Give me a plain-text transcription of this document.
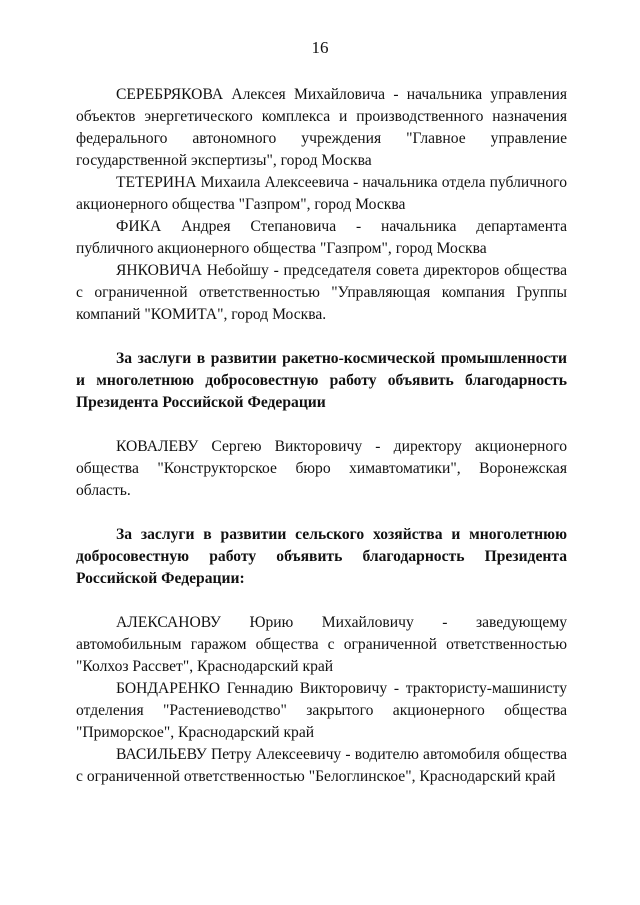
16

СЕРЕБРЯКОВА Алексея Михайловича - начальника управления объектов энергетического комплекса и производственного назначения федерального автономного учреждения "Главное управление государственной экспертизы", город Москва

ТЕТЕРИНА Михаила Алексеевича - начальника отдела публичного акционерного общества "Газпром", город Москва

ФИКА Андрея Степановича - начальника департамента публичного акционерного общества "Газпром", город Москва

ЯНКОВИЧА Небойшу - председателя совета директоров общества с ограниченной ответственностью "Управляющая компания Группы компаний "КОМИТА", город Москва.

За заслуги в развитии ракетно-космической промышленности и многолетнюю добросовестную работу объявить благодарность Президента Российской Федерации

КОВАЛЕВУ Сергею Викторовичу - директору акционерного общества "Конструкторское бюро химавтоматики", Воронежская область.

За заслуги в развитии сельского хозяйства и многолетнюю добросовестную работу объявить благодарность Президента Российской Федерации:

АЛЕКСАНОВУ Юрию Михайловичу - заведующему автомобильным гаражом общества с ограниченной ответственностью "Колхоз Рассвет", Краснодарский край

БОНДАРЕНКО Геннадию Викторовичу - трактористу-машинисту отделения "Растениеводство" закрытого акционерного общества "Приморское", Краснодарский край

ВАСИЛЬЕВУ Петру Алексеевичу - водителю автомобиля общества с ограниченной ответственностью "Белоглинское", Краснодарский край
